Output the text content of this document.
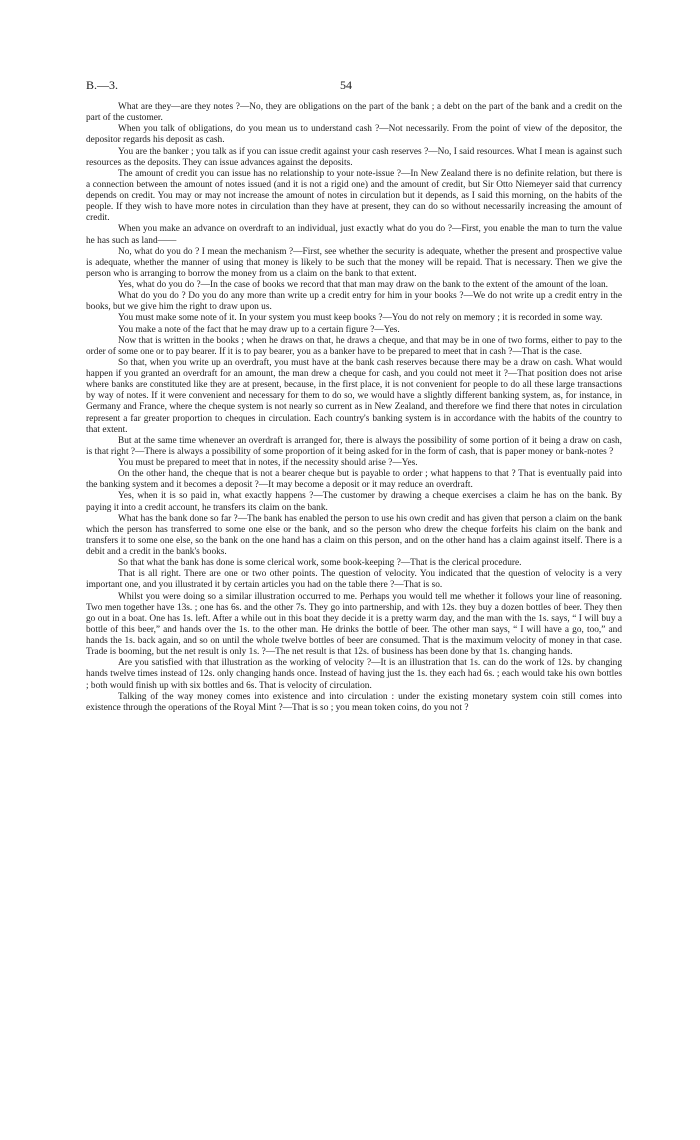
B.—3.	54

What are they—are they notes ?—No, they are obligations on the part of the bank ; a debt on the part of the bank and a credit on the part of the customer.

When you talk of obligations, do you mean us to understand cash ?—Not necessarily. From the point of view of the depositor, the depositor regards his deposit as cash.

You are the banker ; you talk as if you can issue credit against your cash reserves ?—No, I said resources. What I mean is against such resources as the deposits. They can issue advances against the deposits.

The amount of credit you can issue has no relationship to your note-issue ?—In New Zealand there is no definite relation, but there is a connection between the amount of notes issued (and it is not a rigid one) and the amount of credit, but Sir Otto Niemeyer said that currency depends on credit. You may or may not increase the amount of notes in circulation but it depends, as I said this morning, on the habits of the people. If they wish to have more notes in circulation than they have at present, they can do so without necessarily increasing the amount of credit.

When you make an advance on overdraft to an individual, just exactly what do you do ?—First, you enable the man to turn the value he has such as land——

No, what do you do ? I mean the mechanism ?—First, see whether the security is adequate, whether the present and prospective value is adequate, whether the manner of using that money is likely to be such that the money will be repaid. That is necessary. Then we give the person who is arranging to borrow the money from us a claim on the bank to that extent.

Yes, what do you do ?—In the case of books we record that that man may draw on the bank to the extent of the amount of the loan.

What do you do ? Do you do any more than write up a credit entry for him in your books ?—We do not write up a credit entry in the books, but we give him the right to draw upon us.

You must make some note of it. In your system you must keep books ?—You do not rely on memory ; it is recorded in some way.

You make a note of the fact that he may draw up to a certain figure ?—Yes.

Now that is written in the books ; when he draws on that, he draws a cheque, and that may be in one of two forms, either to pay to the order of some one or to pay bearer. If it is to pay bearer, you as a banker have to be prepared to meet that in cash ?—That is the case.

So that, when you write up an overdraft, you must have at the bank cash reserves because there may be a draw on cash. What would happen if you granted an overdraft for an amount, the man drew a cheque for cash, and you could not meet it ?—That position does not arise where banks are constituted like they are at present, because, in the first place, it is not convenient for people to do all these large transactions by way of notes. If it were convenient and necessary for them to do so, we would have a slightly different banking system, as, for instance, in Germany and France, where the cheque system is not nearly so current as in New Zealand, and therefore we find there that notes in circulation represent a far greater proportion to cheques in circulation. Each country's banking system is in accordance with the habits of the country to that extent.

But at the same time whenever an overdraft is arranged for, there is always the possibility of some portion of it being a draw on cash, is that right ?—There is always a possibility of some proportion of it being asked for in the form of cash, that is paper money or bank-notes ?

You must be prepared to meet that in notes, if the necessity should arise ?—Yes.

On the other hand, the cheque that is not a bearer cheque but is payable to order ; what happens to that ? That is eventually paid into the banking system and it becomes a deposit ?—It may become a deposit or it may reduce an overdraft.

Yes, when it is so paid in, what exactly happens ?—The customer by drawing a cheque exercises a claim he has on the bank. By paying it into a credit account, he transfers its claim on the bank.

What has the bank done so far ?—The bank has enabled the person to use his own credit and has given that person a claim on the bank which the person has transferred to some one else or the bank, and so the person who drew the cheque forfeits his claim on the bank and transfers it to some one else, so the bank on the one hand has a claim on this person, and on the other hand has a claim against itself. There is a debit and a credit in the bank's books.

So that what the bank has done is some clerical work, some book-keeping ?—That is the clerical procedure.

That is all right. There are one or two other points. The question of velocity. You indicated that the question of velocity is a very important one, and you illustrated it by certain articles you had on the table there ?—That is so.

Whilst you were doing so a similar illustration occurred to me. Perhaps you would tell me whether it follows your line of reasoning. Two men together have 13s. ; one has 6s. and the other 7s. They go into partnership, and with 12s. they buy a dozen bottles of beer. They then go out in a boat. One has 1s. left. After a while out in this boat they decide it is a pretty warm day, and the man with the 1s. says, “ I will buy a bottle of this beer,” and hands over the 1s. to the other man. He drinks the bottle of beer. The other man says, “ I will have a go, too,” and hands the 1s. back again, and so on until the whole twelve bottles of beer are consumed. That is the maximum velocity of money in that case. Trade is booming, but the net result is only 1s. ?—The net result is that 12s. of business has been done by that 1s. changing hands.

Are you satisfied with that illustration as the working of velocity ?—It is an illustration that 1s. can do the work of 12s. by changing hands twelve times instead of 12s. only changing hands once. Instead of having just the 1s. they each had 6s. ; each would take his own bottles ; both would finish up with six bottles and 6s. That is velocity of circulation.

Talking of the way money comes into existence and into circulation : under the existing monetary system coin still comes into existence through the operations of the Royal Mint ?—That is so ; you mean token coins, do you not ?
